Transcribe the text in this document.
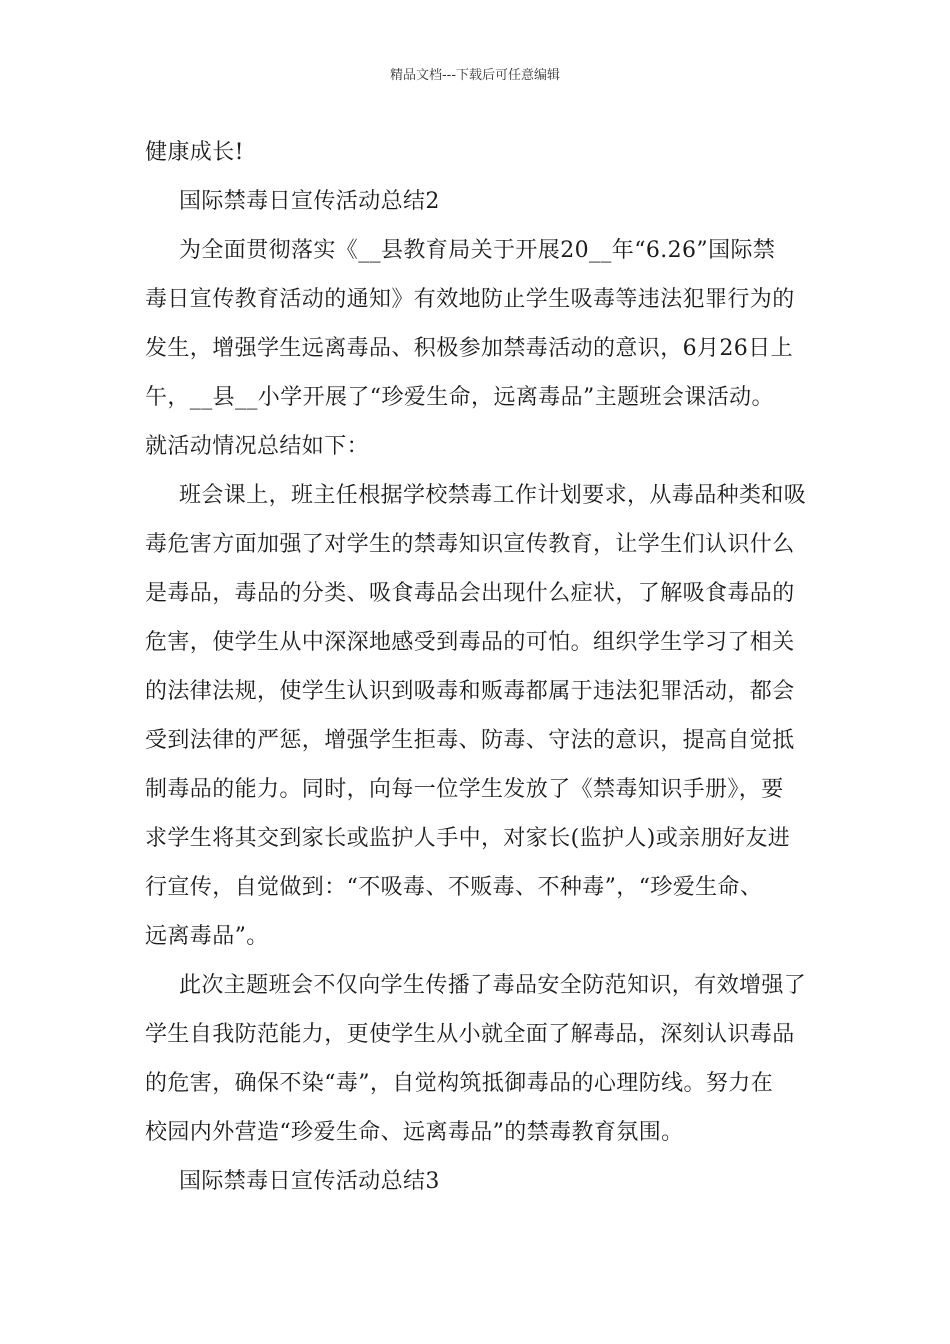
精品文档---下载后可任意编辑
健康成长!
国际禁毒日宣传活动总结2
为全面贯彻落实《__县教育局关于开展20__年“6.26”国际禁
毒日宣传教育活动的通知》有效地防止学生吸毒等违法犯罪行为的
发生，增强学生远离毒品、积极参加禁毒活动的意识，6月26日上
午，__县__小学开展了“珍爱生命，远离毒品”主题班会课活动。
就活动情况总结如下：
班会课上，班主任根据学校禁毒工作计划要求，从毒品种类和吸
毒危害方面加强了对学生的禁毒知识宣传教育，让学生们认识什么
是毒品，毒品的分类、吸食毒品会出现什么症状，了解吸食毒品的
危害，使学生从中深深地感受到毒品的可怕。组织学生学习了相关
的法律法规，使学生认识到吸毒和贩毒都属于违法犯罪活动，都会
受到法律的严惩，增强学生拒毒、防毒、守法的意识，提高自觉抵
制毒品的能力。同时，向每一位学生发放了《禁毒知识手册》，要
求学生将其交到家长或监护人手中，对家长(监护人)或亲朋好友进
行宣传，自觉做到：“不吸毒、不贩毒、不种毒”，“珍爱生命、
远离毒品”。
此次主题班会不仅向学生传播了毒品安全防范知识，有效增强了
学生自我防范能力，更使学生从小就全面了解毒品，深刻认识毒品
的危害，确保不染“毒”，自觉构筑抵御毒品的心理防线。努力在
校园内外营造“珍爱生命、远离毒品”的禁毒教育氛围。
国际禁毒日宣传活动总结3
